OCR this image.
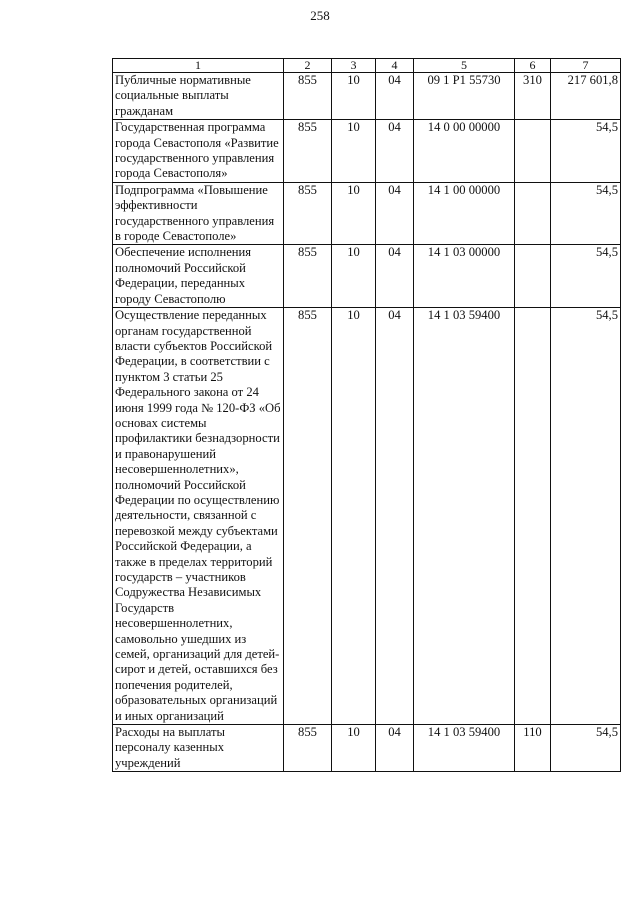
258
1	2	3	4	5	6	7
Публичные нормативные социальные выплаты гражданам	855	10	04	09 1 P1 55730	310	217 601,8
Государственная программа города Севастополя «Развитие государственного управления города Севастополя»	855	10	04	14 0 00 00000		54,5
Подпрограмма «Повышение эффективности государственного управления в городе Севастополе»	855	10	04	14 1 00 00000		54,5
Обеспечение исполнения полномочий Российской Федерации, переданных городу Севастополю	855	10	04	14 1 03 00000		54,5
Осуществление переданных органам государственной власти субъектов Российской Федерации, в соответствии с пунктом 3 статьи 25 Федерального закона от 24 июня 1999 года № 120-ФЗ «Об основах системы профилактики безнадзорности и правонарушений несовершеннолетних», полномочий Российской Федерации по осуществлению деятельности, связанной с перевозкой между субъектами Российской Федерации, а также в пределах территорий государств – участников Содружества Независимых Государств несовершеннолетних, самовольно ушедших из семей, организаций для детей-сирот и детей, оставшихся без попечения родителей, образовательных организаций и иных организаций	855	10	04	14 1 03 59400		54,5
Расходы на выплаты персоналу казенных учреждений	855	10	04	14 1 03 59400	110	54,5
